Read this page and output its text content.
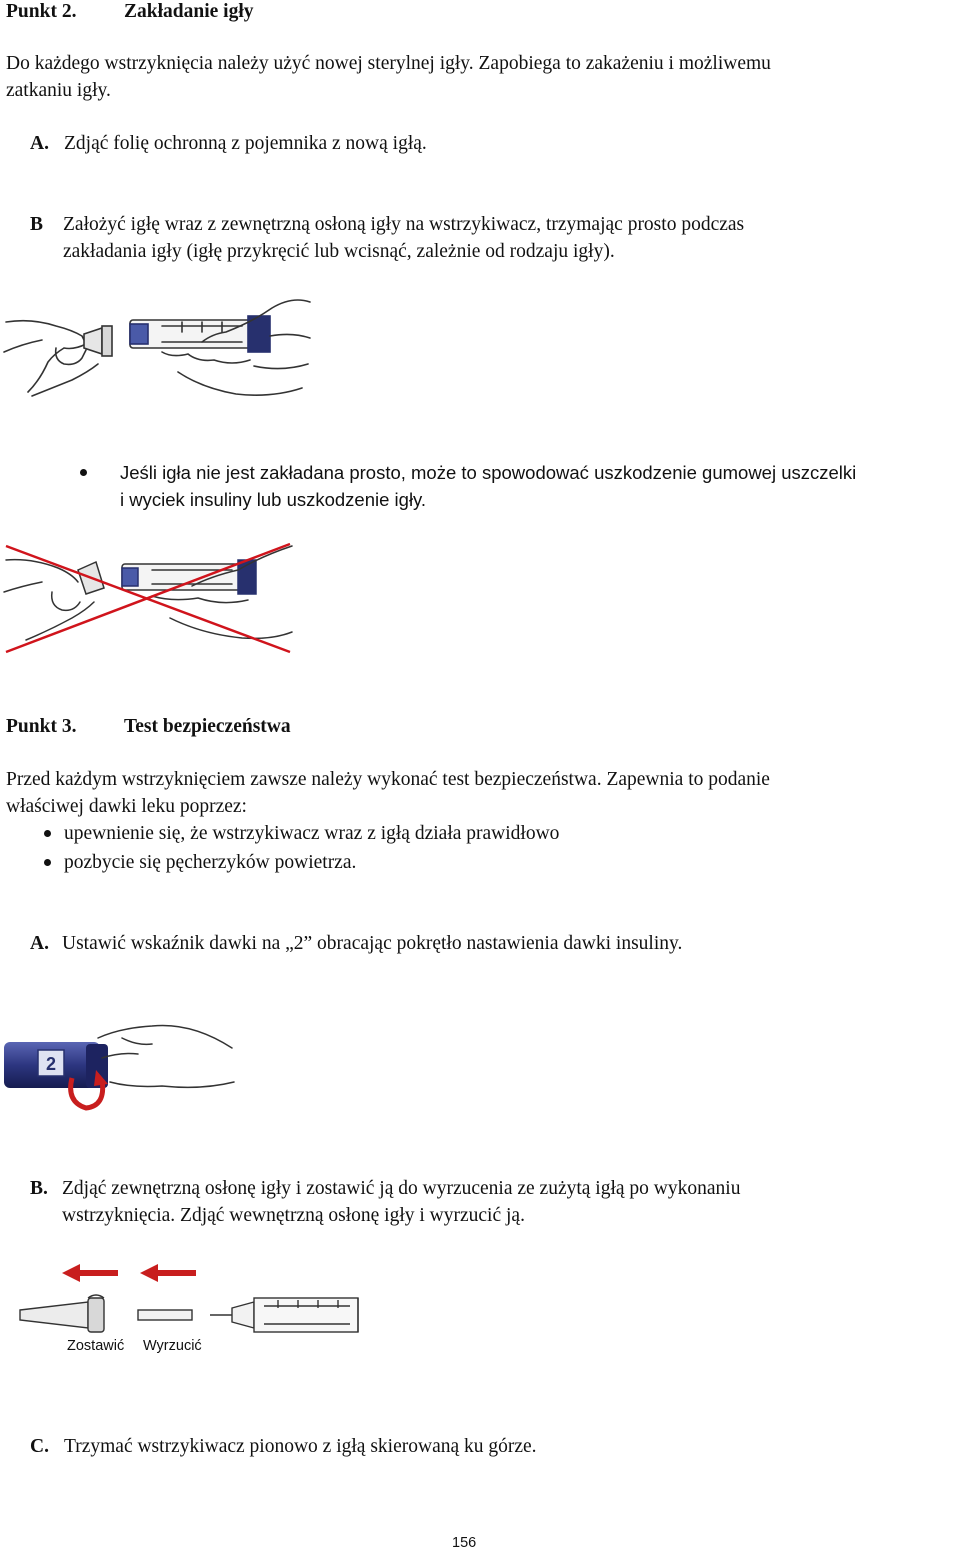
Punkt 2. Zakładanie igły
Do każdego wstrzyknięcia należy użyć nowej sterylnej igły. Zapobiega to zakażeniu i możliwemu
zatkaniu igły.
A. Zdjąć folię ochronną z pojemnika z nową igłą.
B Założyć igłę wraz z zewnętrzną osłoną igły na wstrzykiwacz, trzymając prosto podczas
zakładania igły (igłę przykręcić lub wcisnąć, zależnie od rodzaju igły).
Jeśli igła nie jest zakładana prosto, może to spowodować uszkodzenie gumowej uszczelki
i wyciek insuliny lub uszkodzenie igły.
Punkt 3. Test bezpieczeństwa
Przed każdym wstrzyknięciem zawsze należy wykonać test bezpieczeństwa. Zapewnia to podanie
właściwej dawki leku poprzez:
upewnienie się, że wstrzykiwacz wraz z igłą działa prawidłowo
pozbycie się pęcherzyków powietrza.
A. Ustawić wskaźnik dawki na „2” obracając pokrętło nastawienia dawki insuliny.
2
B. Zdjąć zewnętrzną osłonę igły i zostawić ją do wyrzucenia ze zużytą igłą po wykonaniu
wstrzyknięcia. Zdjąć wewnętrzną osłonę igły i wyrzucić ją.
Zostawić Wyrzucić
C. Trzymać wstrzykiwacz pionowo z igłą skierowaną ku górze.
156
